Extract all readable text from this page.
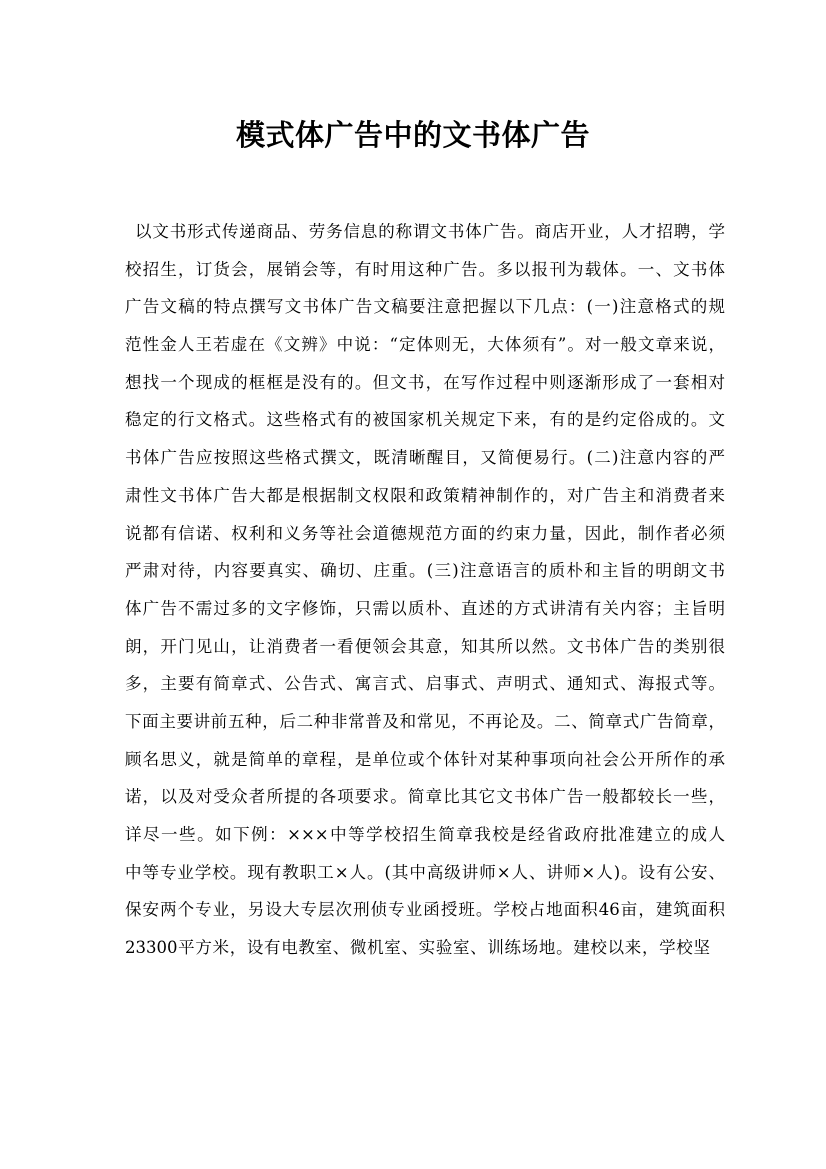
模式体广告中的文书体广告
以文书形式传递商品、劳务信息的称谓文书体广告。商店开业，人才招聘，学
校招生，订货会，展销会等，有时用这种广告。多以报刊为载体。一、文书体
广告文稿的特点撰写文书体广告文稿要注意把握以下几点：(一)注意格式的规
范性金人王若虚在《文辨》中说：“定体则无，大体须有”。对一般文章来说，
想找一个现成的框框是没有的。但文书，在写作过程中则逐渐形成了一套相对
稳定的行文格式。这些格式有的被国家机关规定下来，有的是约定俗成的。文
书体广告应按照这些格式撰文，既清晰醒目，又简便易行。(二)注意内容的严
肃性文书体广告大都是根据制文权限和政策精神制作的，对广告主和消费者来
说都有信诺、权利和义务等社会道德规范方面的约束力量，因此，制作者必须
严肃对待，内容要真实、确切、庄重。(三)注意语言的质朴和主旨的明朗文书
体广告不需过多的文字修饰，只需以质朴、直述的方式讲清有关内容；主旨明
朗，开门见山，让消费者一看便领会其意，知其所以然。文书体广告的类别很
多，主要有简章式、公告式、寓言式、启事式、声明式、通知式、海报式等。
下面主要讲前五种，后二种非常普及和常见，不再论及。二、简章式广告简章，
顾名思义，就是简单的章程，是单位或个体针对某种事项向社会公开所作的承
诺，以及对受众者所提的各项要求。简章比其它文书体广告一般都较长一些，
详尽一些。如下例：×××中等学校招生简章我校是经省政府批准建立的成人
中等专业学校。现有教职工×人。(其中高级讲师×人、讲师×人)。设有公安、
保安两个专业，另设大专层次刑侦专业函授班。学校占地面积46亩，建筑面积
23300平方米，设有电教室、微机室、实验室、训练场地。建校以来，学校坚
